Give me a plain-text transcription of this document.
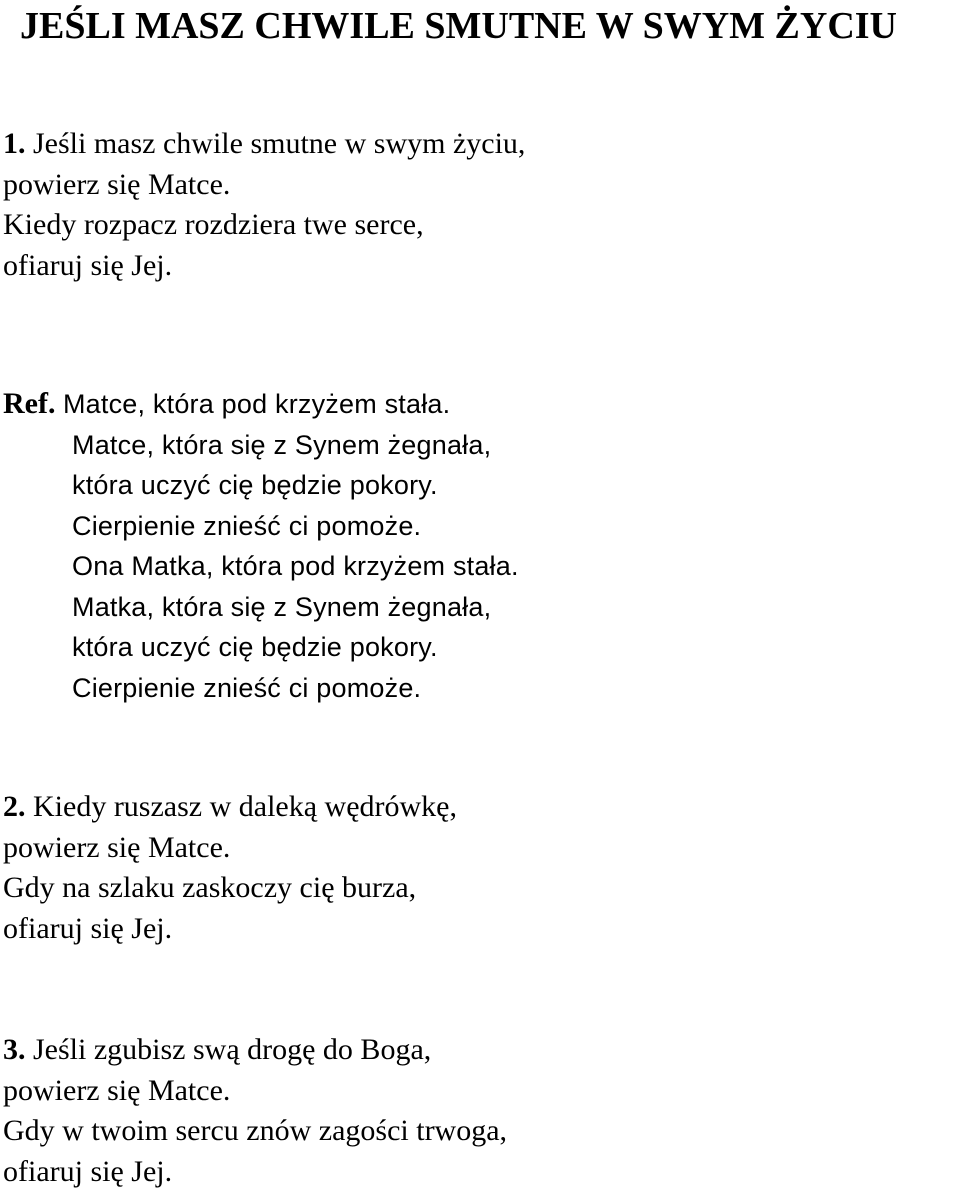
JEŚLI MASZ CHWILE SMUTNE W SWYM ŻYCIU
1. Jeśli masz chwile smutne w swym życiu,
powierz się Matce.
Kiedy rozpacz rozdziera twe serce,
ofiaruj się Jej.
Ref. Matce, która pod krzyżem stała.
Matce, która się z Synem żegnała,
która uczyć cię będzie pokory.
Cierpienie znieść ci pomoże.
Ona Matka, która pod krzyżem stała.
Matka, która się z Synem żegnała,
która uczyć cię będzie pokory.
Cierpienie znieść ci pomoże.
2. Kiedy ruszasz w daleką wędrówkę,
powierz się Matce.
Gdy na szlaku zaskoczy cię burza,
ofiaruj się Jej.
3. Jeśli zgubisz swą drogę do Boga,
powierz się Matce.
Gdy w twoim sercu znów zagości trwoga,
ofiaruj się Jej.
